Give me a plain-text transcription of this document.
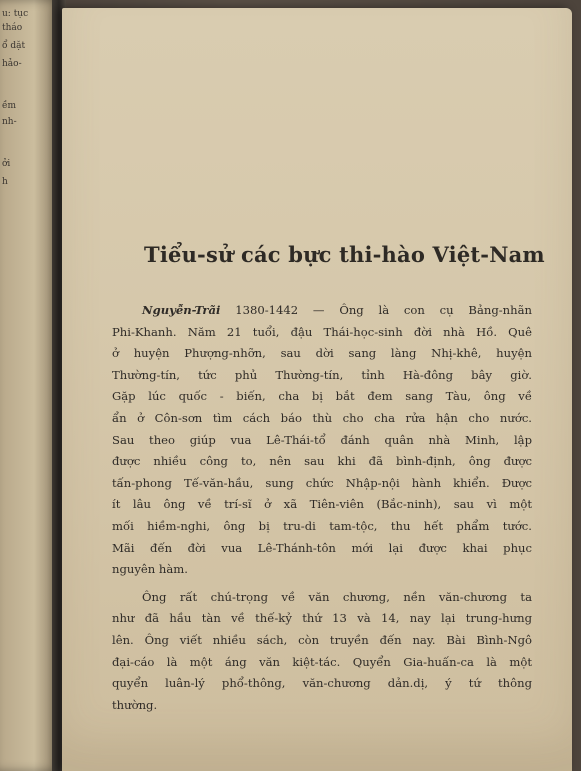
u: tục
tháo
ổ dặt
hảo-
ềm
nh-
ởi
h
Tiểu-sử các bực thi-hào Việt-Nam
Nguyễn-Trãi 1380-1442 — Ông là con cụ Bảng-nhãn
Phi-Khanh. Năm 21 tuổi, đậu Thái-học-sinh đời nhà Hồ. Quê
ở huyện Phượng-nhỡn, sau dời sang làng Nhị-khê, huyện
Thường-tín, tức phủ Thường-tín, tỉnh Hà-đông bây giờ.
Gặp lúc quốc - biến, cha bị bắt đem sang Tàu, ông về
ẩn ở Côn-sơn tìm cách báo thù cho cha rửa hận cho nước.
Sau theo giúp vua Lê-Thái-tổ đánh quân nhà Minh, lập
được nhiều công to, nên sau khi đã bình-định, ông được
tấn-phong Tế-văn-hầu, sung chức Nhập-nội hành khiển. Được
ít lâu ông về trí-sĩ ở xã Tiên-viên (Bắc-ninh), sau vì một
mối hiềm-nghi, ông bị tru-di tam-tộc, thu hết phẩm tước.
Mãi đến đời vua Lê-Thánh-tôn mới lại được khai phục
nguyên hàm.
Ông rất chú-trọng về văn chương, nền văn-chương ta
như đã hầu tàn về thế-kỷ thứ 13 và 14, nay lại trung-hưng
lên. Ông viết nhiều sách, còn truyền đến nay. Bài Bình-Ngô
đại-cáo là một áng văn kiệt-tác. Quyển Gia-huấn-ca là một
quyển luân-lý phổ-thông, văn-chương dản.dị, ý tứ thông
thường.
